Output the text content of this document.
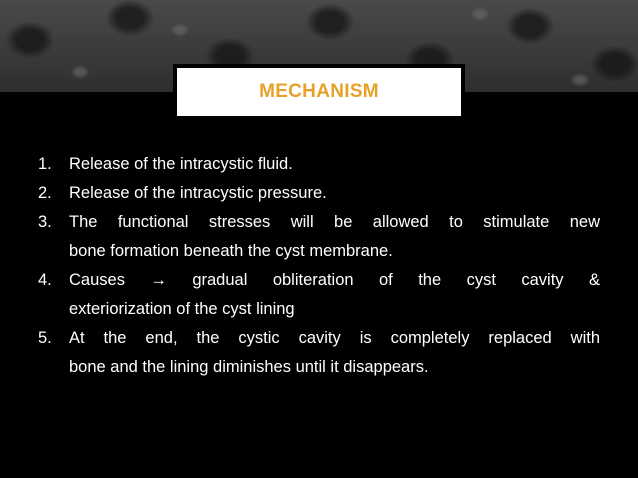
MECHANISM
1.	Release of the intracystic fluid.
2.	Release of the intracystic pressure.
3.	The functional stresses will be allowed to stimulate new
bone formation beneath the cyst membrane.
4.	Causes → gradual obliteration of the cyst cavity &
exteriorization of the cyst lining
5.	At the end, the cystic cavity is completely replaced with
bone and the lining diminishes until it disappears.
